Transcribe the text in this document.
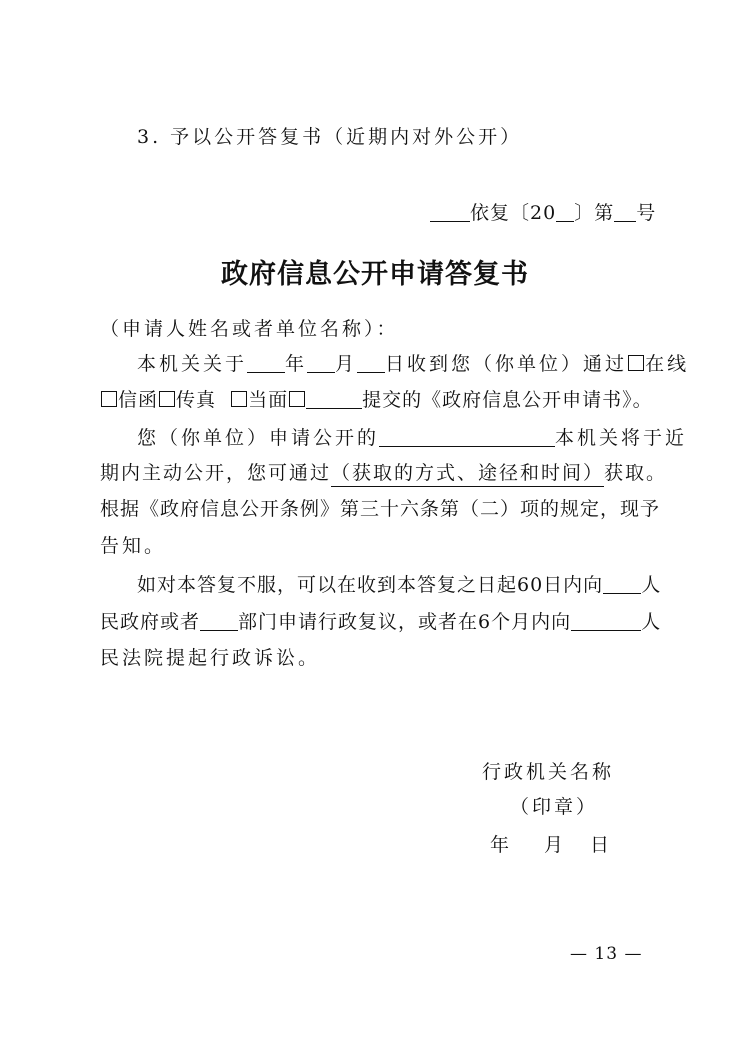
3. 予以公开答复书（近期内对外公开）
依复〔20 〕第 号
政府信息公开申请答复书
（申请人姓名或者单位名称）：
本机关关于 年 月 日收到您（你单位）通过 在线
信函 传真 当面	提交的《政府信息公开申请书》。
您（你单位）申请公开的	本机关将于近
期内主动公开，您可通过（获取的方式、途径和时间）获取。
根据《政府信息公开条例》第三十六条第（二）项的规定，现予
告知。
如对本答复不服，可以在收到本答复之日起60日内向 人
民政府或者 部门申请行政复议，或者在6个月内向	人
民法院提起行政诉讼。
行政机关名称
（印章）
年 月 日
— 13 —
